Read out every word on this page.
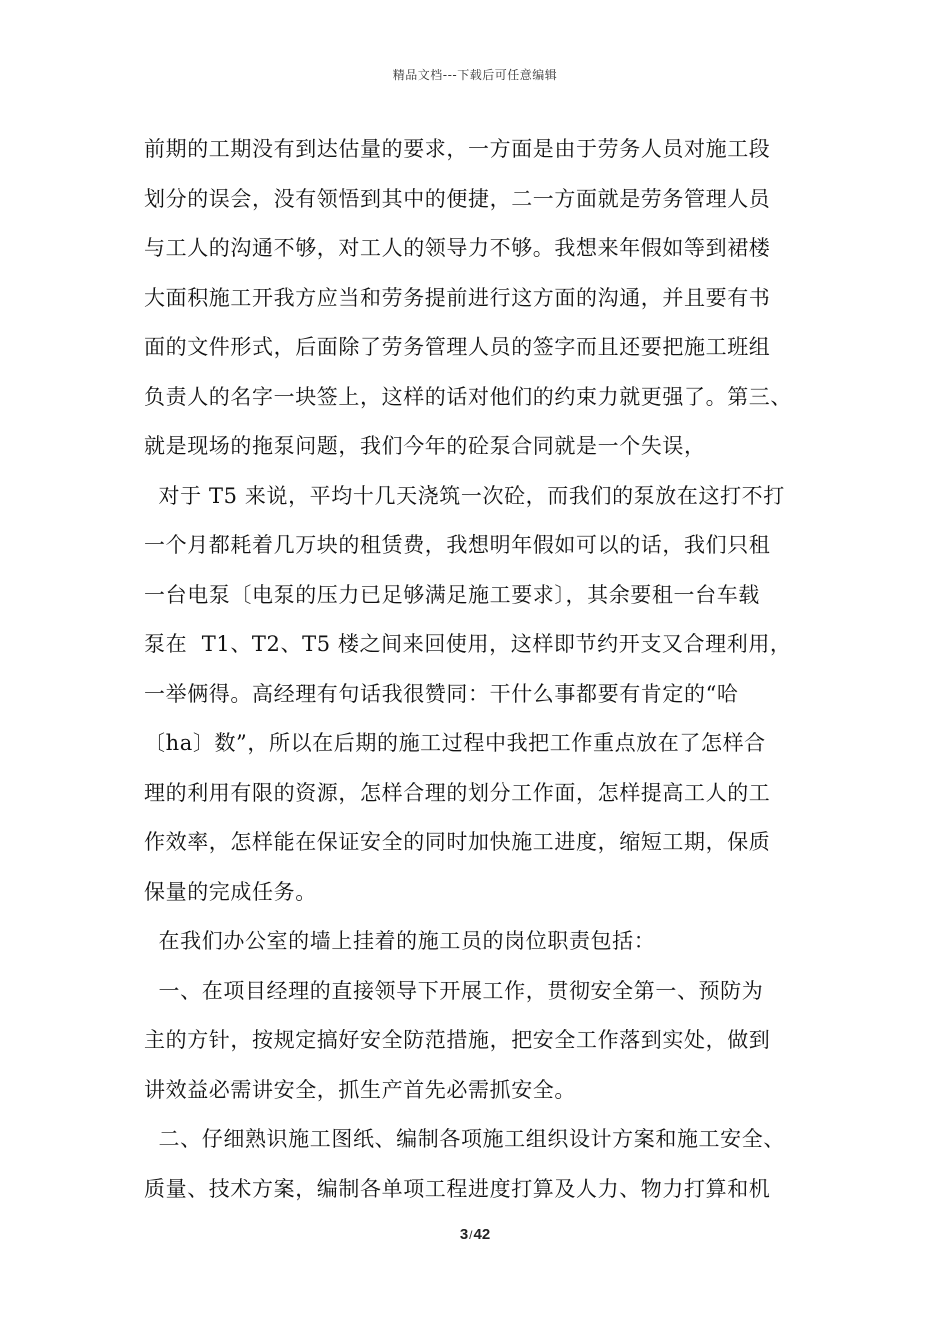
精品文档---下载后可任意编辑
前期的工期没有到达估量的要求，一方面是由于劳务人员对施工段
划分的误会，没有领悟到其中的便捷，二一方面就是劳务管理人员
与工人的沟通不够，对工人的领导力不够。我想来年假如等到裙楼
大面积施工开我方应当和劳务提前进行这方面的沟通，并且要有书
面的文件形式，后面除了劳务管理人员的签字而且还要把施工班组
负责人的名字一块签上，这样的话对他们的约束力就更强了。第三、
就是现场的拖泵问题，我们今年的砼泵合同就是一个失误，
对于 T5 来说，平均十几天浇筑一次砼，而我们的泵放在这打不打
一个月都耗着几万块的租赁费，我想明年假如可以的话，我们只租
一台电泵〔电泵的压力已足够满足施工要求〕，其余要租一台车载
泵在  T1、T2、T5 楼之间来回使用，这样即节约开支又合理利用，
一举俩得。高经理有句话我很赞同：干什么事都要有肯定的“哈
〔ha〕数”，所以在后期的施工过程中我把工作重点放在了怎样合
理的利用有限的资源，怎样合理的划分工作面，怎样提高工人的工
作效率，怎样能在保证安全的同时加快施工进度，缩短工期，保质
保量的完成任务。
在我们办公室的墙上挂着的施工员的岗位职责包括：
一、在项目经理的直接领导下开展工作，贯彻安全第一、预防为
主的方针，按规定搞好安全防范措施，把安全工作落到实处，做到
讲效益必需讲安全，抓生产首先必需抓安全。
二、仔细熟识施工图纸、编制各项施工组织设计方案和施工安全、
质量、技术方案，编制各单项工程进度打算及人力、物力打算和机
3/42
